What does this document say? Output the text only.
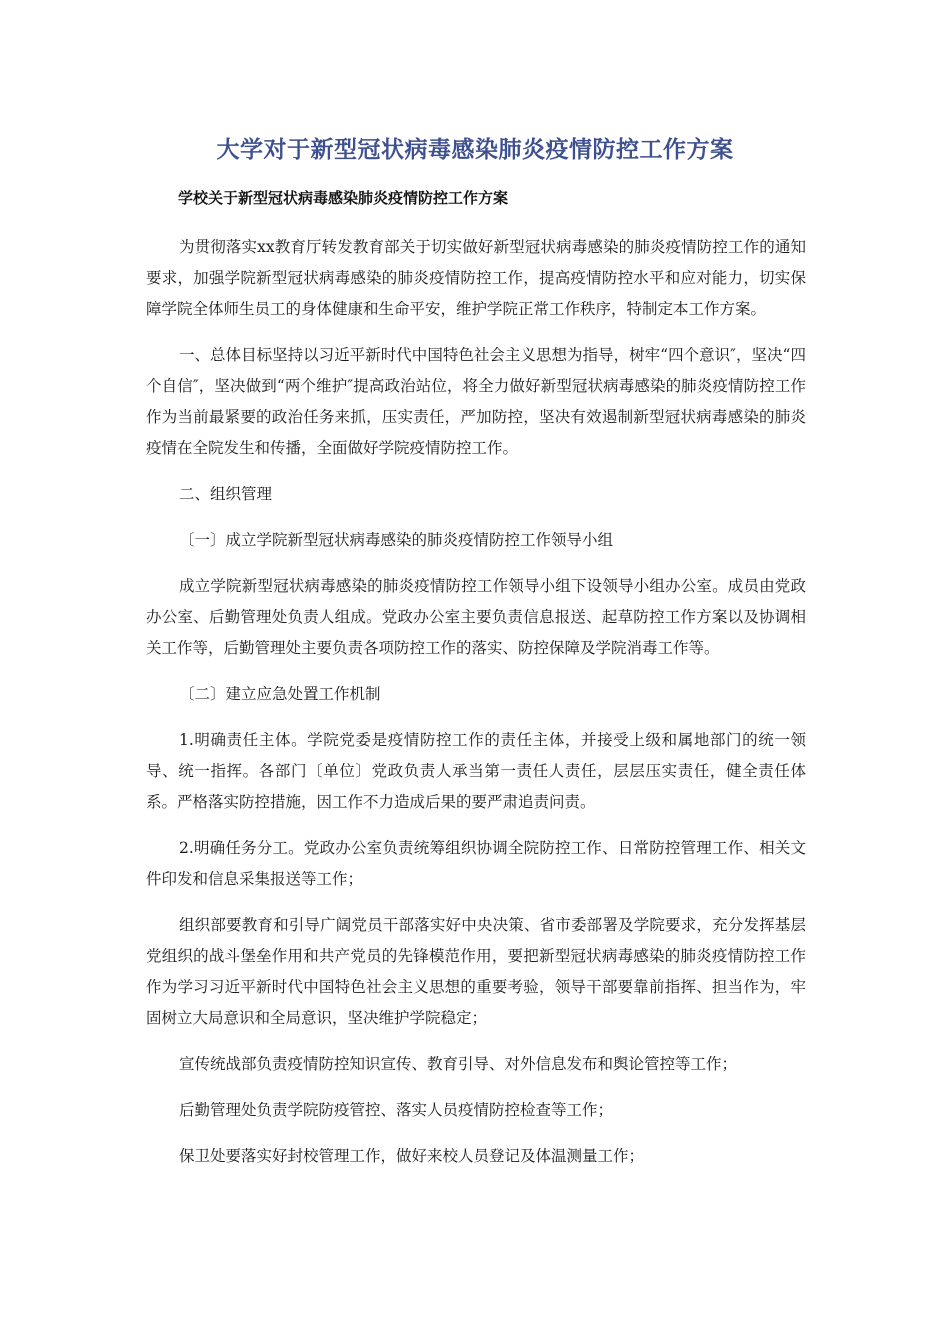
大学对于新型冠状病毒感染肺炎疫情防控工作方案
学校关于新型冠状病毒感染肺炎疫情防控工作方案

为贯彻落实xx教育厅转发教育部关于切实做好新型冠状病毒感染的肺炎疫情防控工作的通知要求，加强学院新型冠状病毒感染的肺炎疫情防控工作，提高疫情防控水平和应对能力，切实保障学院全体师生员工的身体健康和生命平安，维护学院正常工作秩序，特制定本工作方案。

一、总体目标坚持以习近平新时代中国特色社会主义思想为指导，树牢“四个意识″，坚决“四个自信″，坚决做到“两个维护″提高政治站位，将全力做好新型冠状病毒感染的肺炎疫情防控工作作为当前最紧要的政治任务来抓，压实责任，严加防控，坚决有效遏制新型冠状病毒感染的肺炎疫情在全院发生和传播，全面做好学院疫情防控工作。

二、组织管理

〔一〕成立学院新型冠状病毒感染的肺炎疫情防控工作领导小组

成立学院新型冠状病毒感染的肺炎疫情防控工作领导小组下设领导小组办公室。成员由党政办公室、后勤管理处负责人组成。党政办公室主要负责信息报送、起草防控工作方案以及协调相关工作等，后勤管理处主要负责各项防控工作的落实、防控保障及学院消毒工作等。

〔二〕建立应急处置工作机制

1.明确责任主体。学院党委是疫情防控工作的责任主体，并接受上级和属地部门的统一领导、统一指挥。各部门〔单位〕党政负责人承当第一责任人责任，层层压实责任，健全责任体系。严格落实防控措施，因工作不力造成后果的要严肃追责问责。

2.明确任务分工。党政办公室负责统筹组织协调全院防控工作、日常防控管理工作、相关文件印发和信息采集报送等工作；

组织部要教育和引导广阔党员干部落实好中央决策、省市委部署及学院要求，充分发挥基层党组织的战斗堡垒作用和共产党员的先锋模范作用，要把新型冠状病毒感染的肺炎疫情防控工作作为学习习近平新时代中国特色社会主义思想的重要考验，领导干部要靠前指挥、担当作为，牢固树立大局意识和全局意识，坚决维护学院稳定；

宣传统战部负责疫情防控知识宣传、教育引导、对外信息发布和舆论管控等工作；

后勤管理处负责学院防疫管控、落实人员疫情防控检查等工作；

保卫处要落实好封校管理工作，做好来校人员登记及体温测量工作；
